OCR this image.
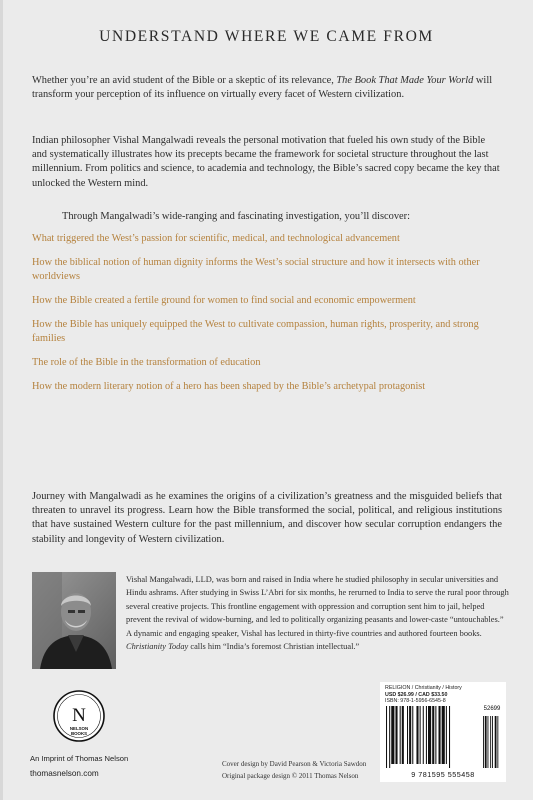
UNDERSTAND WHERE WE CAME FROM

Whether you’re an avid student of the Bible or a skeptic of its relevance, The Book That Made Your World will transform your perception of its influence on virtually every facet of Western civilization.

Indian philosopher Vishal Mangalwadi reveals the personal motivation that fueled his own study of the Bible and systematically illustrates how its precepts became the framework for societal structure throughout the last millennium. From politics and science, to academia and technology, the Bible’s sacred copy became the key that unlocked the Western mind.

Through Mangalwadi’s wide-ranging and fascinating investigation, you’ll discover:

What triggered the West’s passion for scientific, medical, and technological advancement
How the biblical notion of human dignity informs the West’s social structure and how it intersects with other worldviews
How the Bible created a fertile ground for women to find social and economic empowerment
How the Bible has uniquely equipped the West to cultivate compassion, human rights, prosperity, and strong families
The role of the Bible in the transformation of education
How the modern literary notion of a hero has been shaped by the Bible’s archetypal protagonist

Journey with Mangalwadi as he examines the origins of a civilization’s greatness and the misguided beliefs that threaten to unravel its progress. Learn how the Bible transformed the social, political, and religious institutions that have sustained Western culture for the past millennium, and discover how secular corruption endangers the stability and longevity of Western civilization.

Vishal Mangalwadi, LLD, was born and raised in India where he studied philosophy in secular universities and Hindu ashrams. After studying in Swiss L’Abri for six months, he rerurned to India to serve the rural poor through several creative projects. This frontline engagement with oppression and corruption sent him to jail, helped prevent the revival of widow-burning, and led to politically organizing peasants and lower-caste “untouchables.” A dynamic and engaging speaker, Vishal has lectured in thirty-five countries and authored fourteen books. Christianity Today calls him “India’s foremost Christian intellectual.”

N
NELSON
BOOKS

An Imprint of Thomas Nelson

thomasnelson.com

Cover design by David Pearson & Victoria Sawdon
Original package design © 2011 Thomas Nelson

RELIGION / Christianity / History

USD $26.99 / CAD $33.50

ISBN: 978-1-5956-6545-8

52699
9 781595 555458
